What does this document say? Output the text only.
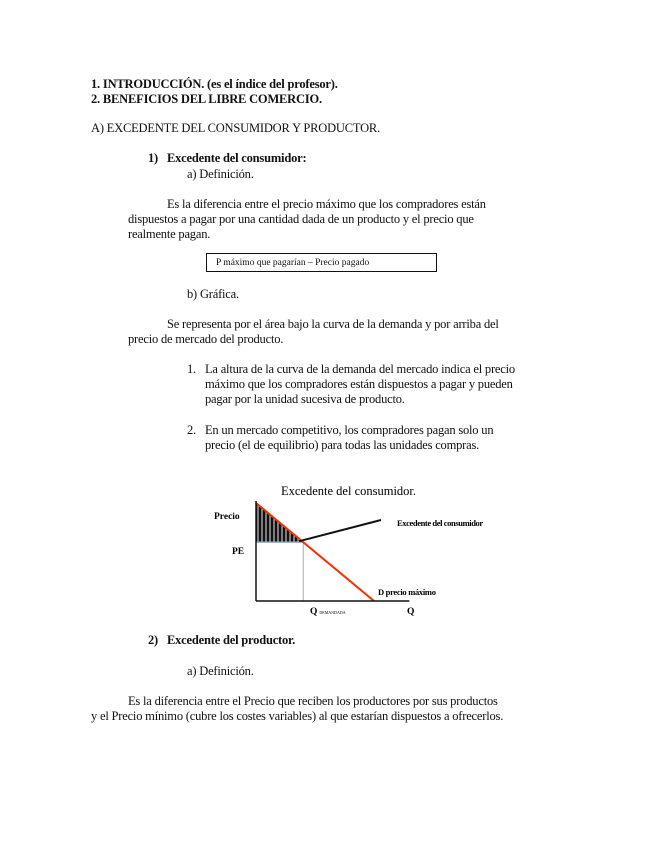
1. INTRODUCCIÓN. (es el índice del profesor).
2. BENEFICIOS DEL LIBRE COMERCIO.
A) EXCEDENTE DEL CONSUMIDOR Y PRODUCTOR.
1) Excedente del consumidor:
a) Definición.
Es la diferencia entre el precio máximo que los compradores están
dispuestos a pagar por una cantidad dada de un producto y el precio que
realmente pagan.
P máximo que pagarían – Precio pagado
b) Gráfica.
Se representa por el área bajo la curva de la demanda y por arriba del
precio de mercado del producto.
1. La altura de la curva de la demanda del mercado indica el precio
máximo que los compradores están dispuestos a pagar y pueden
pagar por la unidad sucesiva de producto.
2. En un mercado competitivo, los compradores pagan solo un
precio (el de equilibrio) para todas las unidades compras.
Excedente del consumidor.
Precio
PE
Excedente del consumidor
D precio máximo
QDEMANDADA	Q
2) Excedente del productor.
a) Definición.
Es la diferencia entre el Precio que reciben los productores por sus productos
y el Precio mínimo (cubre los costes variables) al que estarían dispuestos a ofrecerlos.
